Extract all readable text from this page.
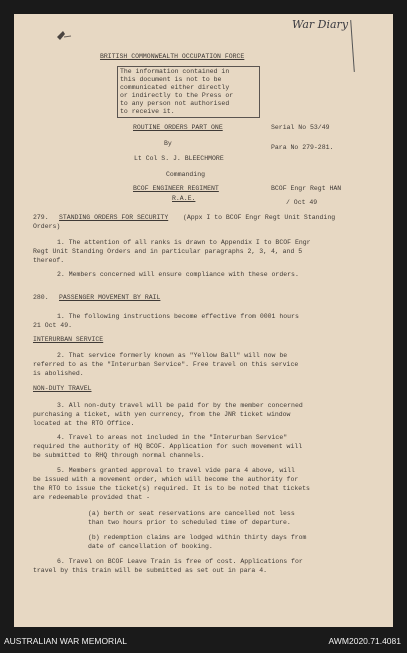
War Diary
BRITISH COMMONWEALTH OCCUPATION FORCE
The information contained in
this document is not to be
communicated either directly
or indirectly to the Press or
to any person not authorised
to receive it.
ROUTINE ORDERS PART ONE	Serial No 53/49
By
Para No 279-281.
Lt Col S. J. BLEECHMORE
Commanding
BCOF ENGINEER REGIMENT	BCOF Engr Regt HAN
R.A.E.
/ Oct 49
279. STANDING ORDERS FOR SECURITY (Appx I to BCOF Engr Regt Unit Standing
Orders)
1. The attention of all ranks is drawn to Appendix I to BCOF Engr
Regt Unit Standing Orders and in particular paragraphs 2, 3, 4, and 5
thereof.
2. Members concerned will ensure compliance with these orders.
280. PASSENGER MOVEMENT BY RAIL
1. The following instructions become effective from 0001 hours
21 Oct 49.
INTERURBAN SERVICE
2. That service formerly known as "Yellow Ball" will now be
referred to as the "Interurban Service". Free travel on this service
is abolished.
NON-DUTY TRAVEL
3. All non-duty travel will be paid for by the member concerned
purchasing a ticket, with yen currency, from the JNR ticket window
located at the RTO Office.
4. Travel to areas not included in the "Interurban Service"
required the authority of HQ BCOF. Application for such movement will
be submitted to RHQ through normal channels.
5. Members granted approval to travel vide para 4 above, will
be issued with a movement order, which will become the authority for
the RTO to issue the ticket(s) required. It is to be noted that tickets
are redeemable provided that -
(a) berth or seat reservations are cancelled not less
than two hours prior to scheduled time of departure.
(b) redemption claims are lodged within thirty days from
date of cancellation of booking.
6. Travel on BCOF Leave Train is free of cost. Applications for
travel by this train will be submitted as set out in para 4.
AUSTRALIAN WAR MEMORIAL	AWM2020.71.4081
